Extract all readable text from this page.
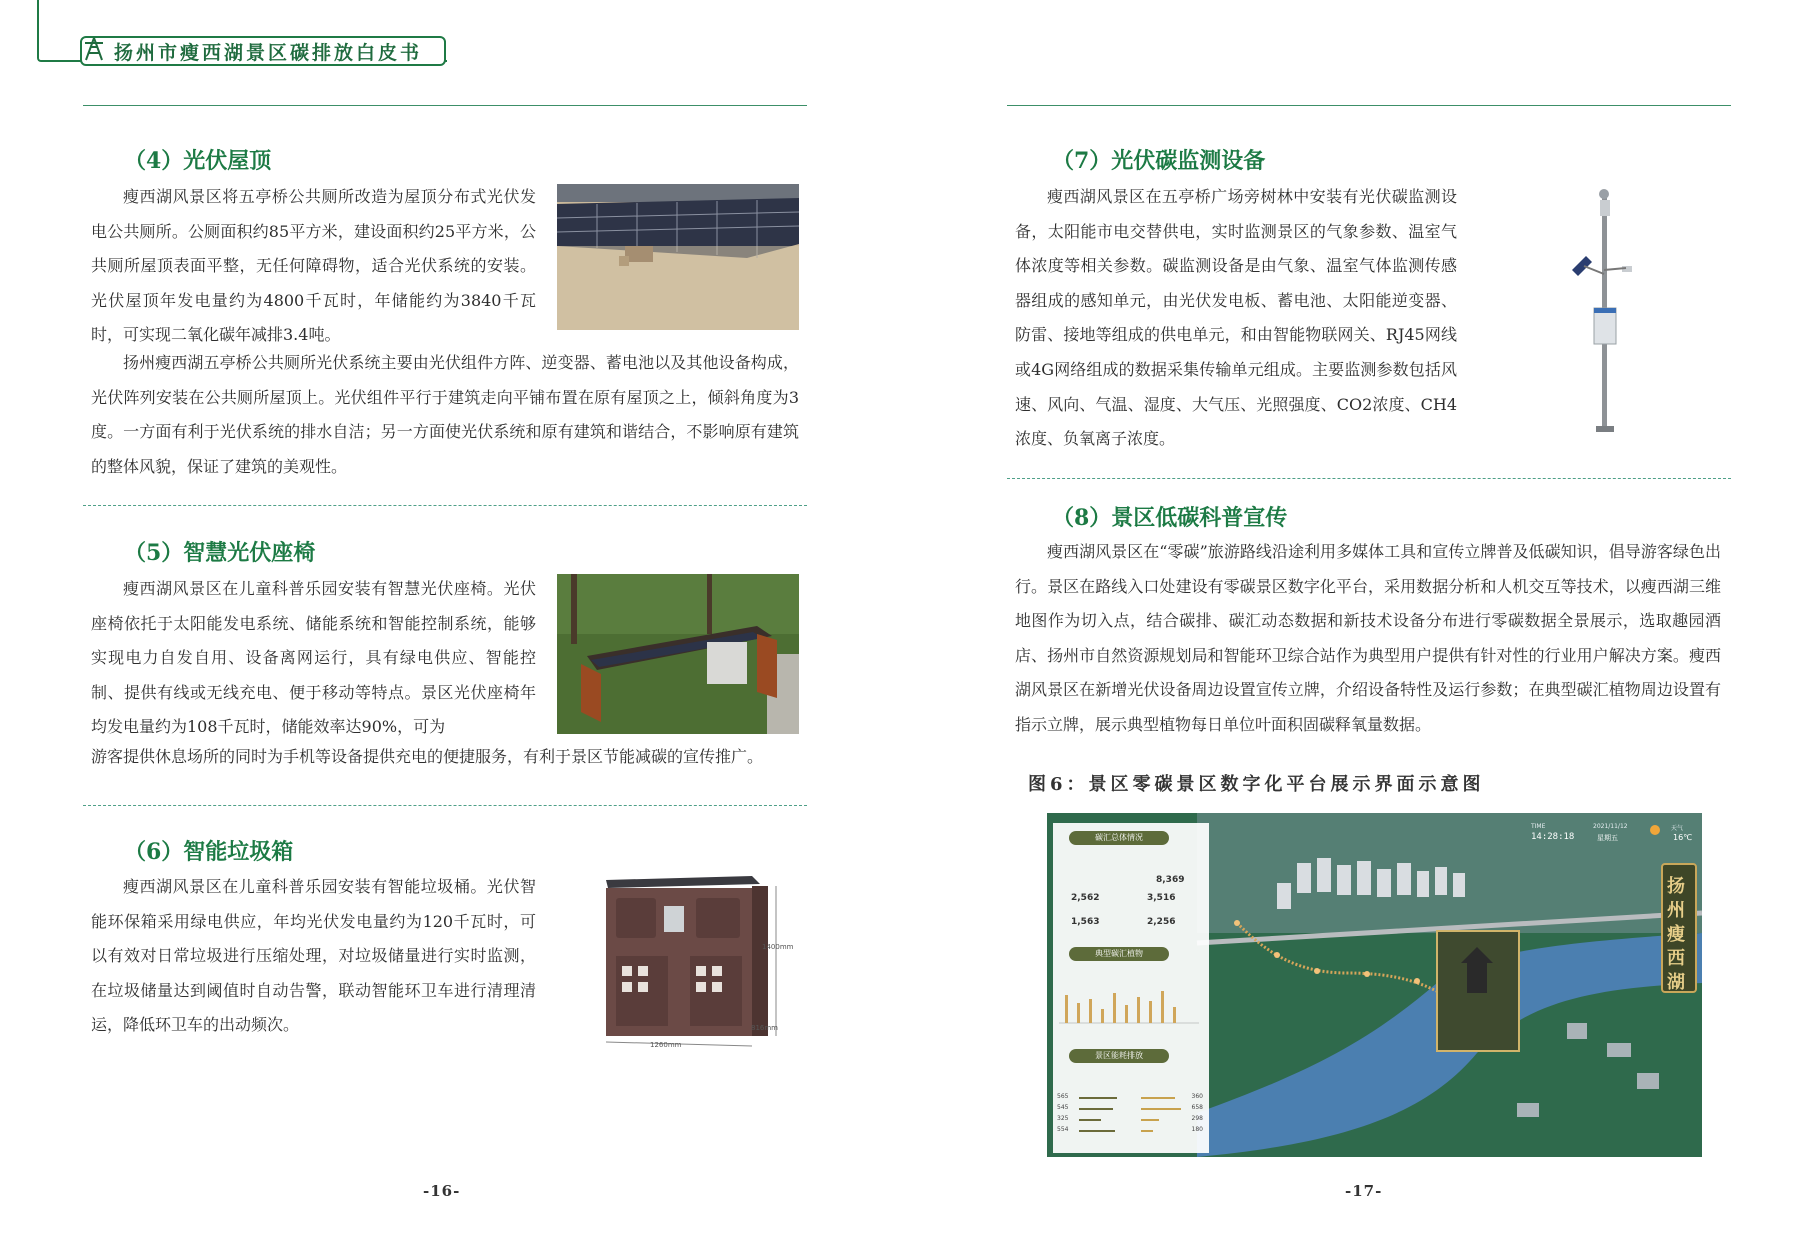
扬州市瘦西湖景区碳排放白皮书
（4）光伏屋顶

瘦西湖风景区将五亭桥公共厕所改造为屋顶分布式光伏发电公共厕所。公厕面积约85平方米，建设面积约25平方米，公共厕所屋顶表面平整，无任何障碍物，适合光伏系统的安装。光伏屋顶年发电量约为4800千瓦时，年储能约为3840千瓦时，可实现二氧化碳年减排3.4吨。

扬州瘦西湖五亭桥公共厕所光伏系统主要由光伏组件方阵、逆变器、蓄电池以及其他设备构成，光伏阵列安装在公共厕所屋顶上。光伏组件平行于建筑走向平铺布置在原有屋顶之上，倾斜角度为3度。一方面有利于光伏系统的排水自洁；另一方面使光伏系统和原有建筑和谐结合，不影响原有建筑的整体风貌，保证了建筑的美观性。

（5）智慧光伏座椅

瘦西湖风景区在儿童科普乐园安装有智慧光伏座椅。光伏座椅依托于太阳能发电系统、储能系统和智能控制系统，能够实现电力自发自用、设备离网运行，具有绿电供应、智能控制、提供有线或无线充电、便于移动等特点。景区光伏座椅年均发电量约为108千瓦时，储能效率达90%，可为

游客提供休息场所的同时为手机等设备提供充电的便捷服务，有利于景区节能减碳的宣传推广。

（6）智能垃圾箱

瘦西湖风景区在儿童科普乐园安装有智能垃圾桶。光伏智能环保箱采用绿电供应，年均光伏发电量约为120千瓦时，可以有效对日常垃圾进行压缩处理，对垃圾储量进行实时监测，在垃圾储量达到阈值时自动告警，联动智能环卫车进行清理清运，降低环卫车的出动频次。

1400mm
1260mm
816mm
-16-
（7）光伏碳监测设备

瘦西湖风景区在五亭桥广场旁树林中安装有光伏碳监测设备，太阳能市电交替供电，实时监测景区的气象参数、温室气体浓度等相关参数。碳监测设备是由气象、温室气体监测传感器组成的感知单元，由光伏发电板、蓄电池、太阳能逆变器、防雷、接地等组成的供电单元，和由智能物联网关、RJ45网线或4G网络组成的数据采集传输单元组成。主要监测参数包括风速、风向、气温、湿度、大气压、光照强度、CO2浓度、CH4浓度、负氧离子浓度。

（8）景区低碳科普宣传

瘦西湖风景区在“零碳”旅游路线沿途利用多媒体工具和宣传立牌普及低碳知识，倡导游客绿色出行。景区在路线入口处建设有零碳景区数字化平台，采用数据分析和人机交互等技术，以瘦西湖三维地图作为切入点，结合碳排、碳汇动态数据和新技术设备分布进行零碳数据全景展示，选取趣园酒店、扬州市自然资源规划局和智能环卫综合站作为典型用户提供有针对性的行业用户解决方案。瘦西湖风景区在新增光伏设备周边设置宣传立牌，介绍设备特性及运行参数；在典型碳汇植物周边设置有指示立牌，展示典型植物每日单位叶面积固碳释氧量数据。

图6：景区零碳景区数字化平台展示界面示意图
碳汇总体情况
8,369
2,562	3,516
1,563	2,256
典型碳汇植物
景区能耗排放
565	360
545	658
325	298
554	180
TIME
14:28:18
2021/11/12
星期五
天气
16℃
扬州瘦西湖
-17-
